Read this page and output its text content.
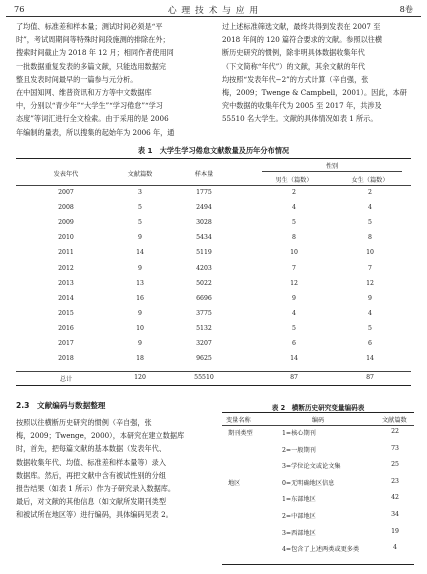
76	心 理 技 术 与 应 用	8卷
了均值、标准差和样本量；测试时间必须是“平
时”，考试周期间等特殊时间段施测的排除在外；
搜索时间截止为 2018 年 12 月；相同作者使用同
一批数据重复发表的多篇文献，只能选用数据完
整且发表时间最早的一篇参与元分析。
在中国知网、维普资讯和万方等中文数据库
中，分别以“青少年”“大学生”“学习倦怠”“学习
态度”等词汇进行全文检索。由于采用的是 2006
年编制的量表，所以搜集的起始年为 2006 年，通
过上述标准筛选文献，最终共得到发表在 2007 至
2018 年间的 120 篇符合要求的文献。参照以往横
断历史研究的惯例，除非明具体数据收集年代
（下文简称“年代”）的文献，其余文献的年代
均按照“发表年代−2”的方式计算（辛自强，张
梅，2009；Twenge & Campbell，2001）。因此，本研
究中数据的收集年代为 2005 至 2017 年，共涉及
55510 名大学生。文献的具体情况如表 1 所示。
表 1　大学生学习倦怠文献数量及历年分布情况
发表年代	文献篇数	样本量
性别
男生（篇数）	女生（篇数）
2007	3	1775	2	2
2008	5	2494	4	4
2009	5	3028	5	5
2010	9	5434	8	8
2011	14	5119	10	10
2012	9	4203	7	7
2013	13	5022	12	12
2014	16	6696	9	9
2015	9	3775	4	4
2016	10	5132	5	5
2017	9	3207	6	6
2018	18	9625	14	14
总计	120	55510	87	87
2.3　文献编码与数据整理
按照以往横断历史研究的惯例（辛自强，张
梅，2009；Twenge，2000），本研究在建立数据库
时，首先，把每篇文献的基本数据（发表年代、
数据收集年代、均值、标准差和样本量等）录入
数据库。然后，再把文献中含有被试性别的分组
报告结果（如表 1 所示）作为子研究录入数据库。
最后，对文献的其他信息（如文献所发期刊类型
和被试所在地区等）进行编码，具体编码见表 2。
表 2　横断历史研究变量编码表
变量名称	编码	文献篇数
期刊类型	1=核心期刊	22
2=一般期刊	73
3=学位论文或论文集	25
地区	0=无明确地区信息	23
1=东部地区	42
2=中部地区	34
3=西部地区	19
4=包含了上述两类或更多类	4
